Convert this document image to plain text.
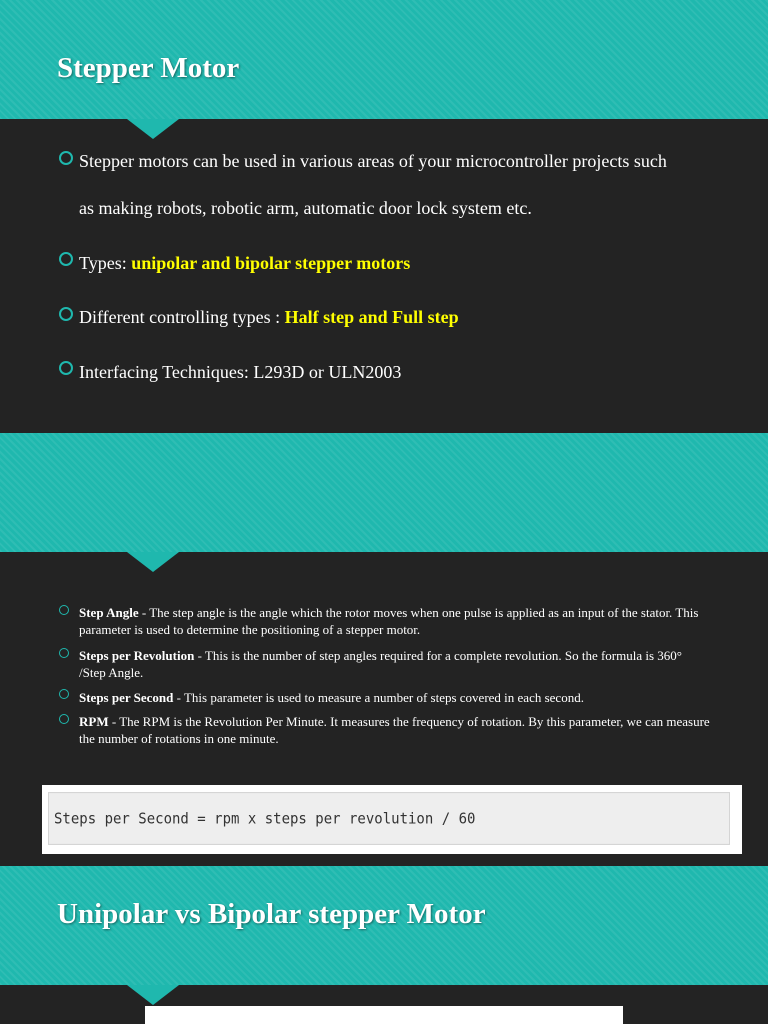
Stepper Motor

Stepper motors can be used in various areas of your microcontroller projects such

as making robots, robotic arm, automatic door lock system etc.

Types: unipolar and bipolar stepper motors

Different controlling types : Half step and Full step

Interfacing Techniques: L293D or ULN2003

Step Angle - The step angle is the angle which the rotor moves when one pulse is applied as an input of the stator. This parameter is used to determine the positioning of a stepper motor.

Steps per Revolution - This is the number of step angles required for a complete revolution. So the formula is 360° /Step Angle.

Steps per Second - This parameter is used to measure a number of steps covered in each second.

RPM - The RPM is the Revolution Per Minute. It measures the frequency of rotation. By this parameter, we can measure the number of rotations in one minute.

Steps per Second = rpm x steps per revolution / 60
Unipolar vs Bipolar stepper Motor
